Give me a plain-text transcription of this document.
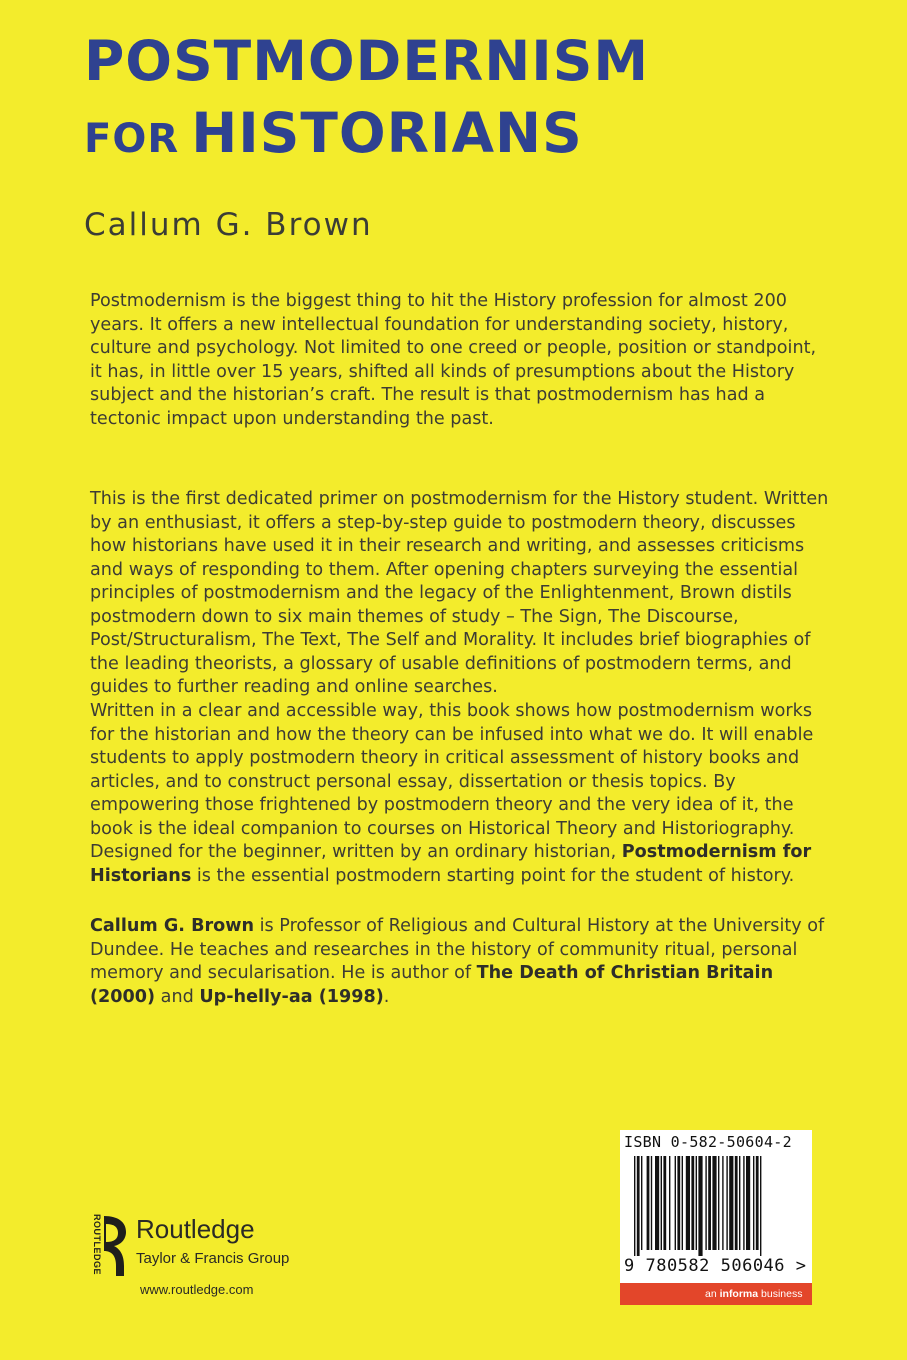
POSTMODERNISM
FOR HISTORIANS
Callum G. Brown

Postmodernism is the biggest thing to hit the History profession for almost 200 years. It offers a new intellectual foundation for understanding society, history, culture and psychology. Not limited to one creed or people, position or standpoint, it has, in little over 15 years, shifted all kinds of presumptions about the History subject and the historian’s craft. The result is that postmodernism has had a tectonic impact upon understanding the past.

This is the first dedicated primer on postmodernism for the History student. Written by an enthusiast, it offers a step-by-step guide to postmodern theory, discusses how historians have used it in their research and writing, and assesses criticisms and ways of responding to them. After opening chapters surveying the essential principles of postmodernism and the legacy of the Enlightenment, Brown distils postmodern down to six main themes of study – The Sign, The Discourse, Post/Structuralism, The Text, The Self and Morality. It includes brief biographies of the leading theorists, a glossary of usable definitions of postmodern terms, and guides to further reading and online searches.

Written in a clear and accessible way, this book shows how postmodernism works for the historian and how the theory can be infused into what we do. It will enable students to apply postmodern theory in critical assessment of history books and articles, and to construct personal essay, dissertation or thesis topics. By empowering those frightened by postmodern theory and the very idea of it, the book is the ideal companion to courses on Historical Theory and Historiography. Designed for the beginner, written by an ordinary historian, Postmodernism for Historians is the essential postmodern starting point for the student of history.

Callum G. Brown is Professor of Religious and Cultural History at the University of Dundee. He teaches and researches in the history of community ritual, personal memory and secularisation. He is author of The Death of Christian Britain (2000) and Up-helly-aa (1998).

ROUTLEDGE Routledge
Taylor & Francis Group
www.routledge.com
ISBN 0-582-50604-2
9 780582 506046 >
an informa business
